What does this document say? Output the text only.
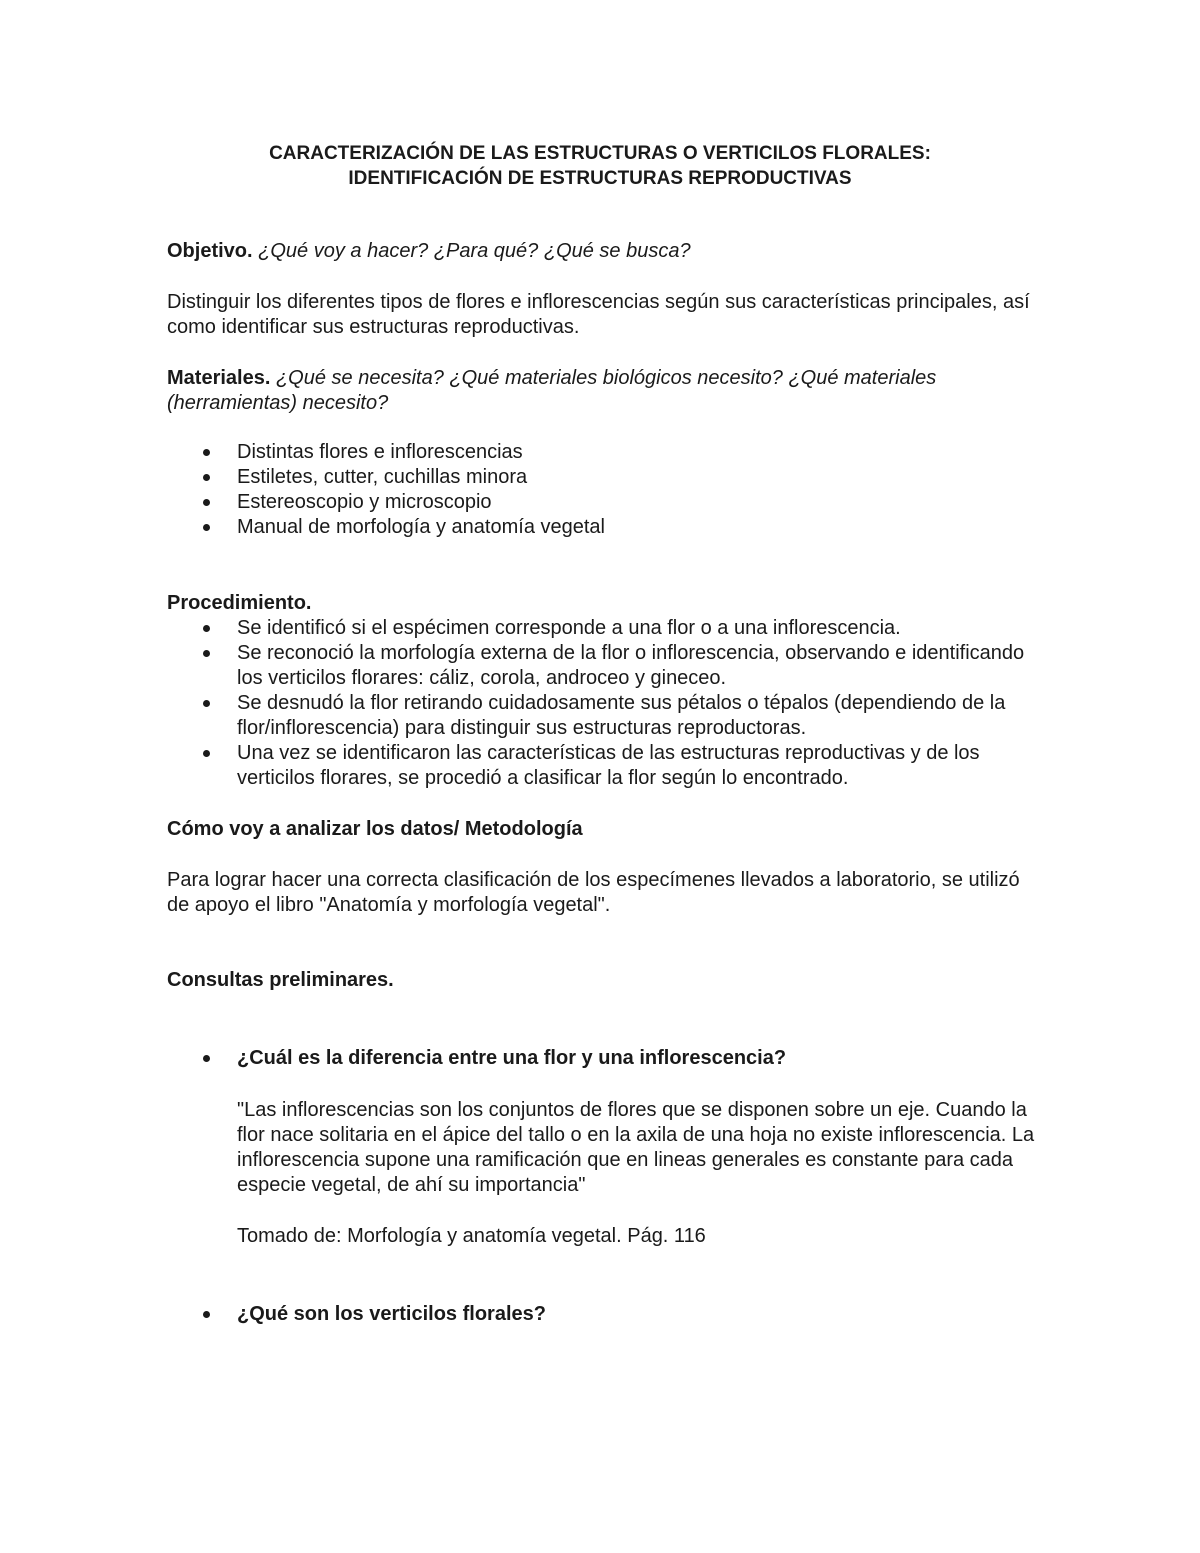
CARACTERIZACIÓN DE LAS ESTRUCTURAS O VERTICILOS FLORALES:
IDENTIFICACIÓN DE ESTRUCTURAS REPRODUCTIVAS

Objetivo. ¿Qué voy a hacer? ¿Para qué? ¿Qué se busca?

Distinguir los diferentes tipos de flores e inflorescencias según sus características principales, así como identificar sus estructuras reproductivas.

Materiales. ¿Qué se necesita? ¿Qué materiales biológicos necesito? ¿Qué materiales (herramientas) necesito?

Distintas flores e inflorescencias
Estiletes, cutter, cuchillas minora
Estereoscopio y microscopio
Manual de morfología y anatomía vegetal

Procedimiento.

Se identificó si el espécimen corresponde a una flor o a una inflorescencia.
Se reconoció la morfología externa de la flor o inflorescencia, observando e identificando los verticilos florares: cáliz, corola, androceo y gineceo.
Se desnudó la flor retirando cuidadosamente sus pétalos o tépalos (dependiendo de la flor/inflorescencia) para distinguir sus estructuras reproductoras.
Una vez se identificaron las características de las estructuras reproductivas y de los verticilos florares, se procedió a clasificar la flor según lo encontrado.

Cómo voy a analizar los datos/ Metodología

Para lograr hacer una correcta clasificación de los especímenes llevados a laboratorio, se utilizó de apoyo el libro "Anatomía y morfología vegetal".

Consultas preliminares.

¿Cuál es la diferencia entre una flor y una inflorescencia?

"Las inflorescencias son los conjuntos de flores que se disponen sobre un eje. Cuando la flor nace solitaria en el ápice del tallo o en la axila de una hoja no existe inflorescencia. La inflorescencia supone una ramificación que en lineas generales es constante para cada especie vegetal, de ahí su importancia"

Tomado de: Morfología y anatomía vegetal. Pág. 116

¿Qué son los verticilos florales?
